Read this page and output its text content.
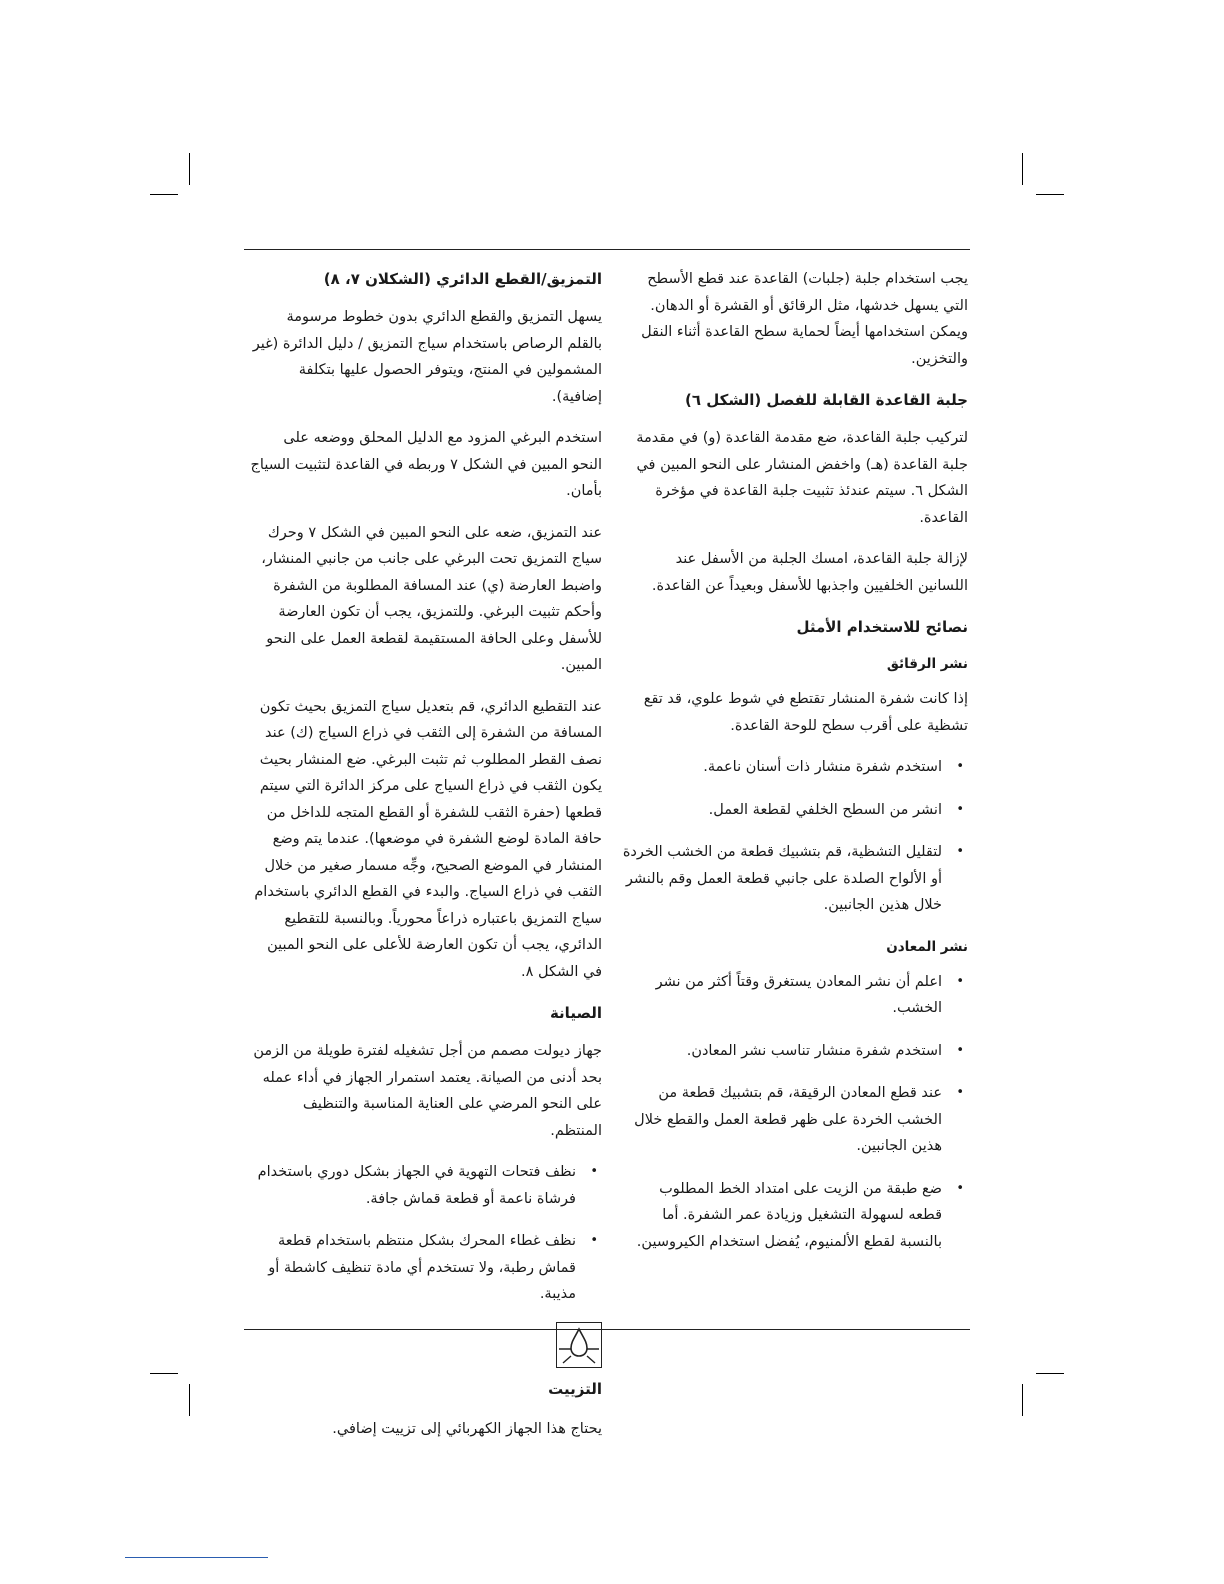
يجب استخدام جلبة (جلبات) القاعدة عند قطع الأسطح التي يسهل خدشها، مثل الرقائق أو القشرة أو الدهان. ويمكن استخدامها أيضاً لحماية سطح القاعدة أثناء النقل والتخزين.

جلبة القاعدة القابلة للفصل (الشكل ٦)

لتركيب جلبة القاعدة، ضع مقدمة القاعدة (و) في مقدمة جلبة القاعدة (هـ) واخفض المنشار على النحو المبين في الشكل ٦. سيتم عندئذ تثبيت جلبة القاعدة في مؤخرة القاعدة.

لإزالة جلبة القاعدة، امسك الجلبة من الأسفل عند اللسانين الخلفيين واجذبها للأسفل وبعيداً عن القاعدة.

نصائح للاستخدام الأمثل
نشر الرقائق

إذا كانت شفرة المنشار تقتطع في شوط علوي، قد تقع تشظية على أقرب سطح للوحة القاعدة.

•
استخدم شفرة منشار ذات أسنان ناعمة.
•
انشر من السطح الخلفي لقطعة العمل.
•
لتقليل التشظية، قم بتشبيك قطعة من الخشب الخردة أو الألواح الصلدة على جانبي قطعة العمل وقم بالنشر خلال هذين الجانبين.
نشر المعادن
•
اعلم أن نشر المعادن يستغرق وقتاً أكثر من نشر الخشب.
•
استخدم شفرة منشار تناسب نشر المعادن.
•
عند قطع المعادن الرقيقة، قم بتشبيك قطعة من الخشب الخردة على ظهر قطعة العمل والقطع خلال هذين الجانبين.
•
ضع طبقة من الزيت على امتداد الخط المطلوب قطعه لسهولة التشغيل وزيادة عمر الشفرة. أما بالنسبة لقطع الألمنيوم، يُفضل استخدام الكيروسين.
التمزيق/القطع الدائري (الشكلان ٧، ٨)

يسهل التمزيق والقطع الدائري بدون خطوط مرسومة بالقلم الرصاص باستخدام سياج التمزيق / دليل الدائرة (غير المشمولين في المنتج، ويتوفر الحصول عليها بتكلفة إضافية).

استخدم البرغي المزود مع الدليل المحلق ووضعه على النحو المبين في الشكل ٧ وربطه في القاعدة لتثبيت السياج بأمان.

عند التمزيق، ضعه على النحو المبين في الشكل ٧ وحرك سياج التمزيق تحت البرغي على جانب من جانبي المنشار، واضبط العارضة (ي) عند المسافة المطلوبة من الشفرة وأحكم تثبيت البرغي. وللتمزيق، يجب أن تكون العارضة للأسفل وعلى الحافة المستقيمة لقطعة العمل على النحو المبين.

عند التقطيع الدائري، قم بتعديل سياج التمزيق بحيث تكون المسافة من الشفرة إلى الثقب في ذراع السياج (ك) عند نصف القطر المطلوب ثم تثبت البرغي. ضع المنشار بحيث يكون الثقب في ذراع السياج على مركز الدائرة التي سيتم قطعها (حفرة الثقب للشفرة أو القطع المتجه للداخل من حافة المادة لوضع الشفرة في موضعها). عندما يتم وضع المنشار في الموضع الصحيح، وجِّه مسمار صغير من خلال الثقب في ذراع السياج. والبدء في القطع الدائري باستخدام سياج التمزيق باعتباره ذراعاً محورياً. وبالنسبة للتقطيع الدائري، يجب أن تكون العارضة للأعلى على النحو المبين في الشكل ٨.

الصيانة

جهاز ديولت مصمم من أجل تشغيله لفترة طويلة من الزمن بحد أدنى من الصيانة. يعتمد استمرار الجهاز في أداء عمله على النحو المرضي على العناية المناسبة والتنظيف المنتظم.

•
نظف فتحات التهوية في الجهاز بشكل دوري باستخدام فرشاة ناعمة أو قطعة قماش جافة.
•
نظف غطاء المحرك بشكل منتظم باستخدام قطعة قماش رطبة، ولا تستخدم أي مادة تنظيف كاشطة أو مذيبة.
التزييت

يحتاج هذا الجهاز الكهربائي إلى تزييت إضافي.
